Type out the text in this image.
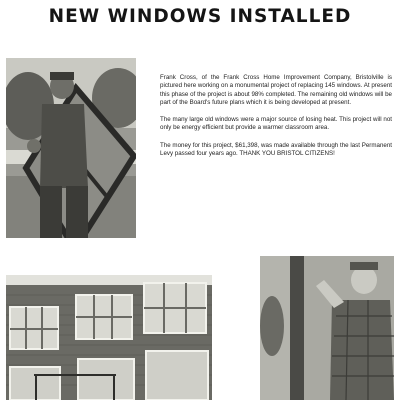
NEW WINDOWS INSTALLED

Frank Cross, of the Frank Cross Home Improvement Company, Bristolville is pictured here working on a monumental project of replacing 145 windows. At present this phase of the project is about 98% completed. The remaining old windows will be part of the Board's future plans which it is being developed at present.

The many large old windows were a major source of losing heat. This project will not only be energy efficient but provide a warmer classroom area.

The money for this project, $61,398, was made available through the last Permanent Levy passed four years ago. THANK YOU BRISTOL CITIZENS!
